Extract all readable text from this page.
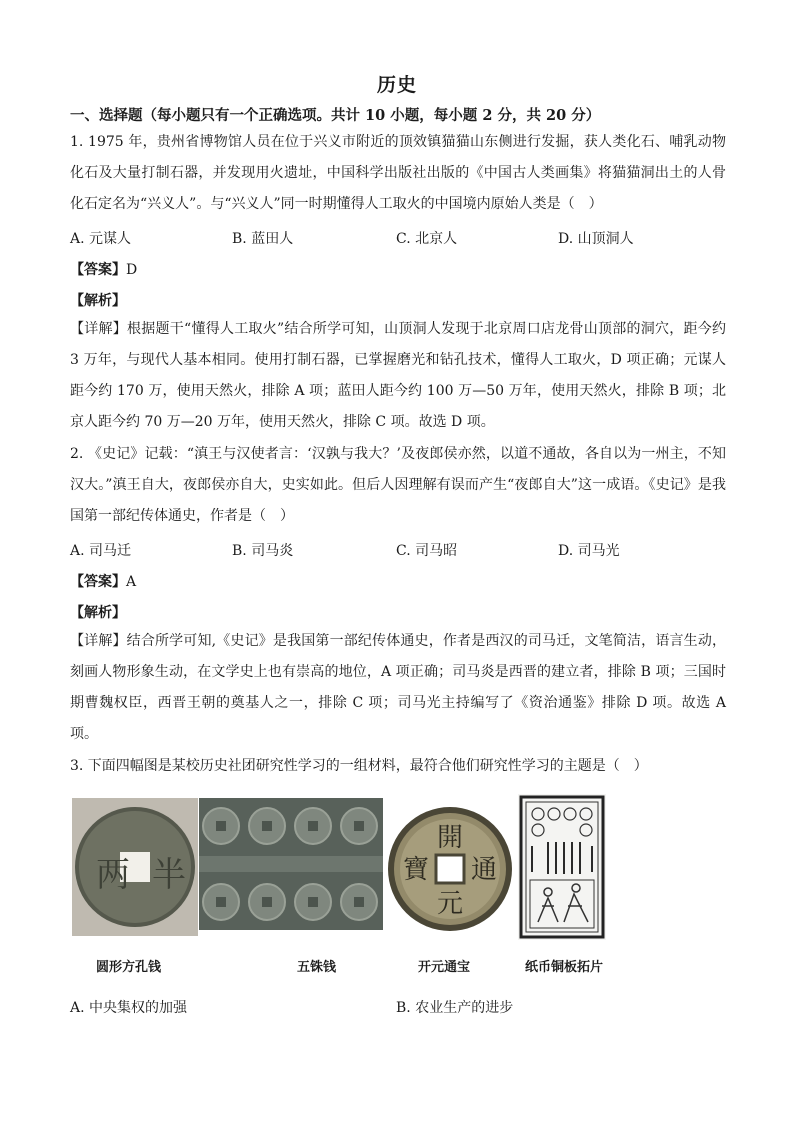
历史
一、选择题（每小题只有一个正确选项。共计 10 小题，每小题 2 分，共 20 分）

1. 1975 年，贵州省博物馆人员在位于兴义市附近的顶效镇猫猫山东侧进行发掘，获人类化石、哺乳动物化石及大量打制石器，并发现用火遗址，中国科学出版社出版的《中国古人类画集》将猫猫洞出土的人骨化石定名为“兴义人”。与“兴义人”同一时期懂得人工取火的中国境内原始人类是（　）

A. 元谋人	B. 蓝田人	C. 北京人	D. 山顶洞人
【答案】D
【解析】

【详解】根据题干“懂得人工取火”结合所学可知，山顶洞人发现于北京周口店龙骨山顶部的洞穴，距今约 3 万年，与现代人基本相同。使用打制石器，已掌握磨光和钻孔技术，懂得人工取火，D 项正确；元谋人距今约 170 万，使用天然火，排除 A 项；蓝田人距今约 100 万—50 万年，使用天然火，排除 B 项；北京人距今约 70 万—20 万年，使用天然火，排除 C 项。故选 D 项。

2. 《史记》记载：“滇王与汉使者言：‘汉孰与我大？’及夜郎侯亦然，以道不通故，各自以为一州主，不知汉大。”滇王自大，夜郎侯亦自大，史实如此。但后人因理解有误而产生“夜郎自大”这一成语。《史记》是我国第一部纪传体通史，作者是（　）

A. 司马迁	B. 司马炎	C. 司马昭	D. 司马光
【答案】A
【解析】

【详解】结合所学可知,《史记》是我国第一部纪传体通史，作者是西汉的司马迁，文笔简洁，语言生动，刻画人物形象生动，在文学史上也有崇高的地位，A 项正确；司马炎是西晋的建立者，排除 B 项；三国时期曹魏权臣，西晋王朝的奠基人之一，排除 C 项；司马光主持编写了《资治通鉴》排除 D 项。故选 A 项。

3. 下面四幅图是某校历史社团研究性学习的一组材料，最符合他们研究性学习的主题是（　）

两 半
開
通
元
寶
圆形方孔钱	五铢钱	开元通宝	纸币铜板拓片
A. 中央集权的加强	B. 农业生产的进步
